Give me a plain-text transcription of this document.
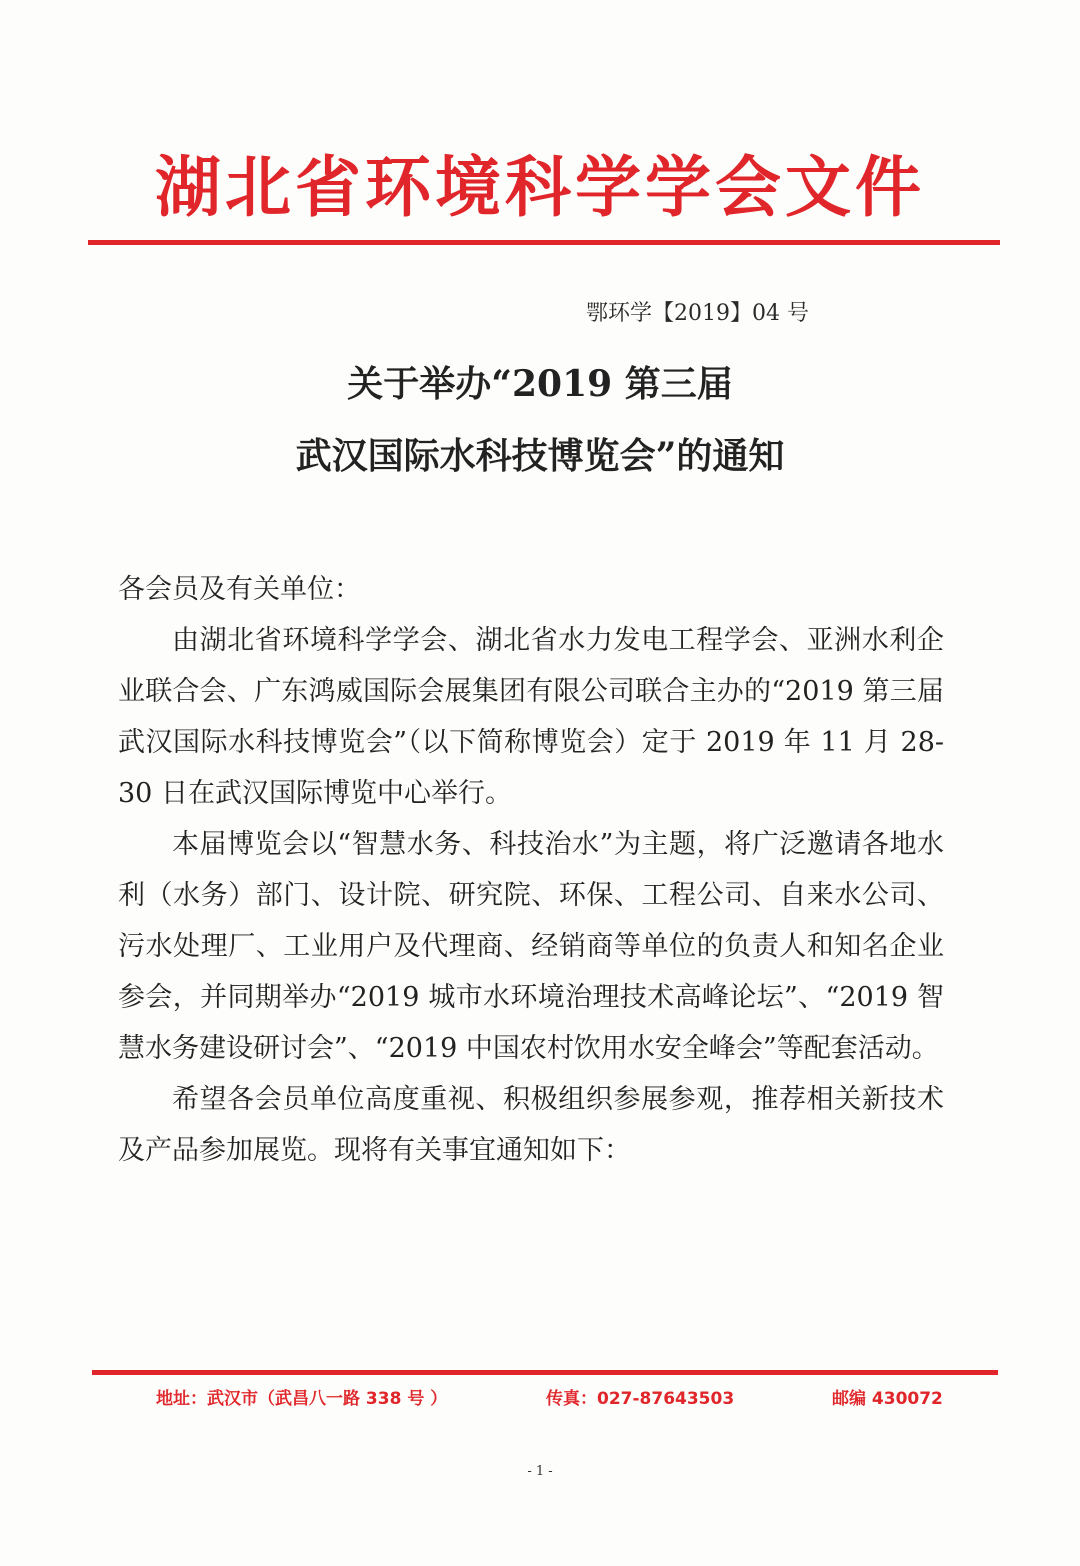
湖北省环境科学学会文件
鄂环学【2019】04 号
关于举办“2019 第三届
武汉国际水科技博览会”的通知

各会员及有关单位：

由湖北省环境科学学会、湖北省水力发电工程学会、亚洲水利企业联合会、广东鸿威国际会展集团有限公司联合主办的“2019 第三届武汉国际水科技博览会”（以下简称博览会）定于 2019 年 11 月 28-30 日在武汉国际博览中心举行。

本届博览会以“智慧水务、科技治水”为主题，将广泛邀请各地水利（水务）部门、设计院、研究院、环保、工程公司、自来水公司、污水处理厂、工业用户及代理商、经销商等单位的负责人和知名企业参会，并同期举办“2019 城市水环境治理技术高峰论坛”、“2019 智慧水务建设研讨会”、“2019 中国农村饮用水安全峰会”等配套活动。

希望各会员单位高度重视、积极组织参展参观，推荐相关新技术及产品参加展览。现将有关事宜通知如下：

地址：武汉市（武昌八一路 338 号 ）	传真：027-87643503	邮编 430072
- 1 -
